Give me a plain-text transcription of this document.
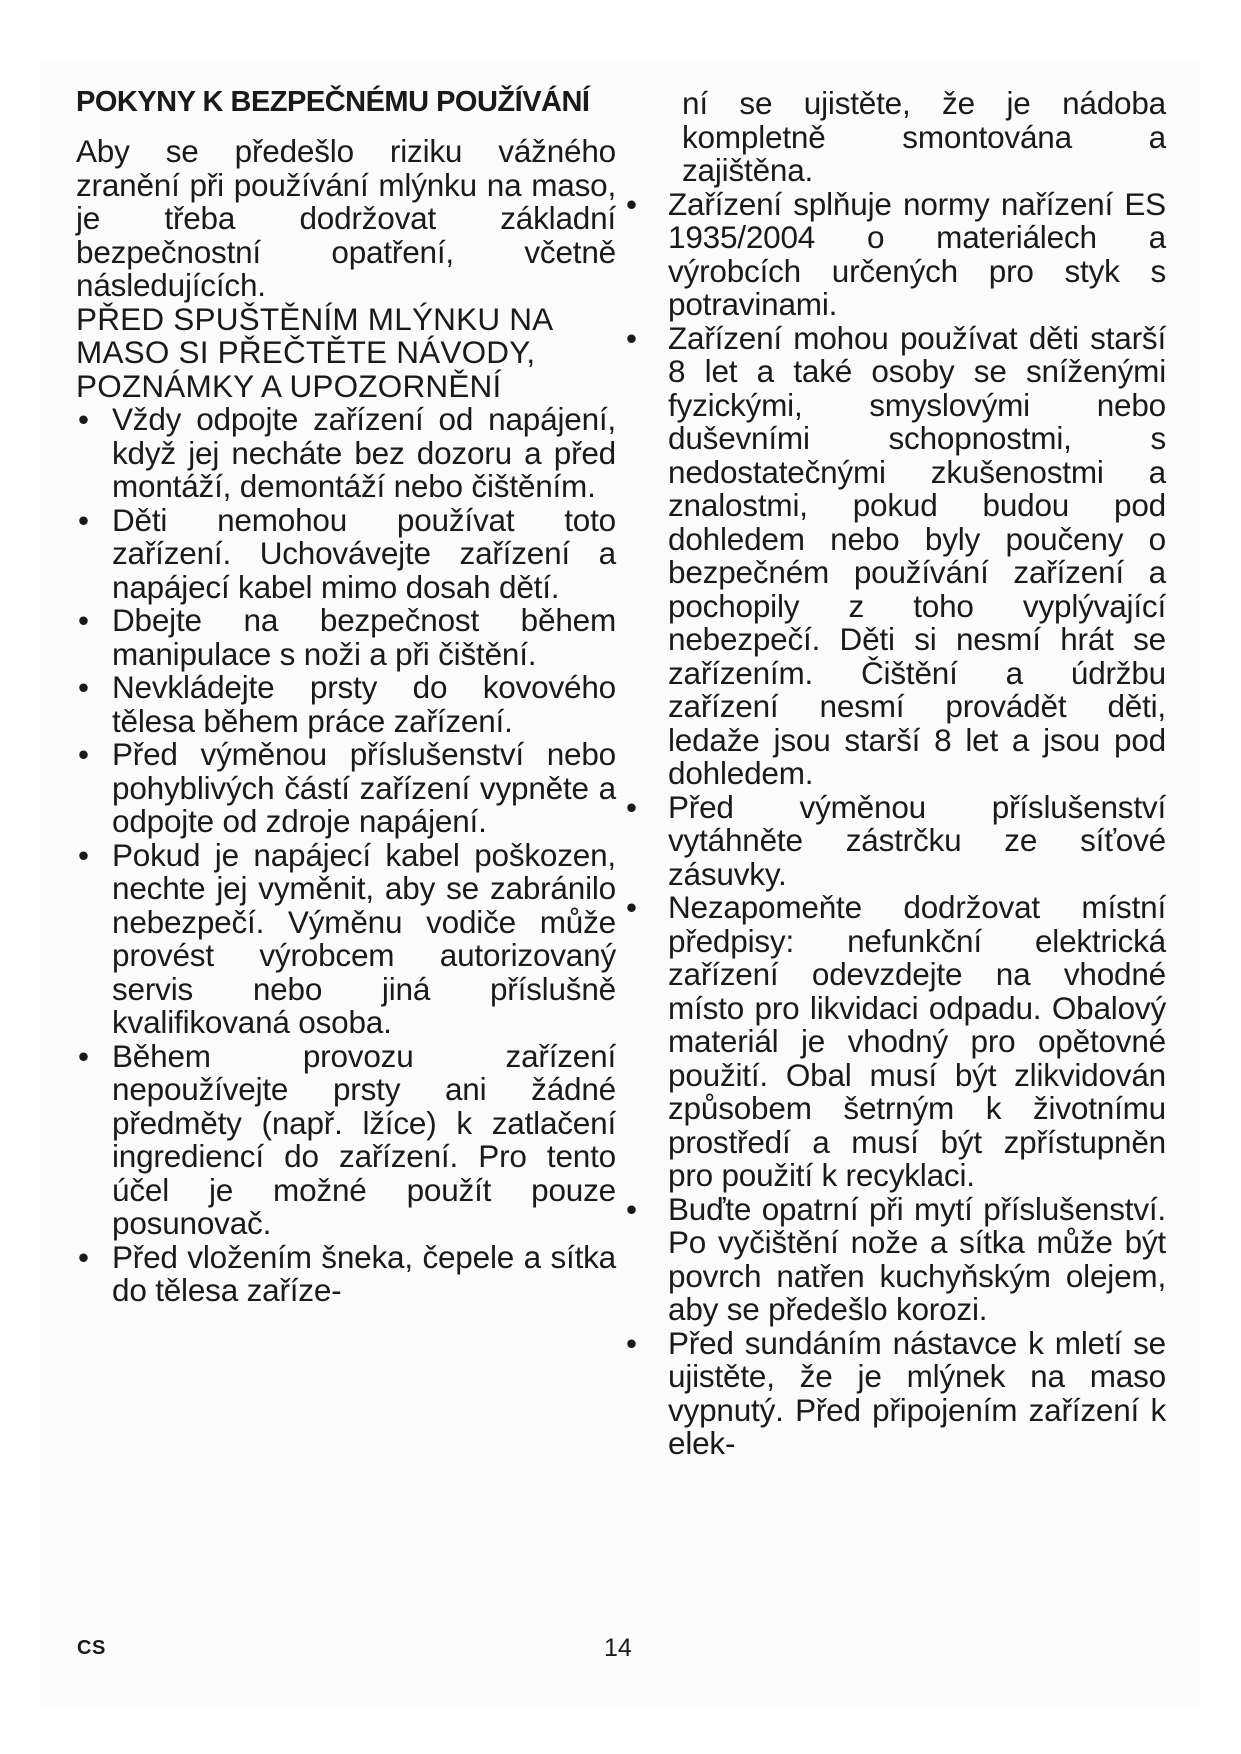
POKYNY K BEZPEČNÉMU POUŽÍVÁNÍ

Aby se předešlo riziku vážného zranění při používání mlýnku na maso, je třeba dodržovat základní bezpečnostní opatření, včetně následujících.

PŘED SPUŠTĚNÍM MLÝNKU NA MASO SI PŘEČTĚTE NÁVODY, POZNÁMKY A UPOZORNĚNÍ

• Vždy odpojte zařízení od napájení, když jej necháte bez dozoru a před montáží, demontáží nebo čištěním.
• Děti nemohou používat toto zařízení. Uchovávejte zařízení a napájecí kabel mimo dosah dětí.
• Dbejte na bezpečnost během manipulace s noži a při čištění.
• Nevkládejte prsty do kovového tělesa během práce zařízení.
• Před výměnou příslušenství nebo pohyblivých částí zařízení vypněte a odpojte od zdroje napájení.
• Pokud je napájecí kabel poškozen, nechte jej vyměnit, aby se zabránilo nebezpečí. Výměnu vodiče může provést výrobcem autorizovaný servis nebo jiná příslušně kvalifikovaná osoba.
• Během provozu zařízení nepoužívejte prsty ani žádné předměty (např. lžíce) k zatlačení ingrediencí do zařízení. Pro tento účel je možné použít pouze posunovač.
• Před vložením šneka, čepele a sítka do tělesa zaříze-

ní se ujistěte, že je nádoba kompletně smontována a zajištěna.

• Zařízení splňuje normy nařízení ES 1935/2004 o materiálech a výrobcích určených pro styk s potravinami.
• Zařízení mohou používat děti starší 8 let a také osoby se sníženými fyzickými, smyslovými nebo duševními schopnostmi, s nedostatečnými zkušenostmi a znalostmi, pokud budou pod dohledem nebo byly poučeny o bezpečném používání zařízení a pochopily z toho vyplývající nebezpečí. Děti si nesmí hrát se zařízením. Čištění a údržbu zařízení nesmí provádět děti, ledaže jsou starší 8 let a jsou pod dohledem.
• Před výměnou příslušenství vytáhněte zástrčku ze síťové zásuvky.
• Nezapomeňte dodržovat místní předpisy: nefunkční elektrická zařízení odevzdejte na vhodné místo pro likvidaci odpadu. Obalový materiál je vhodný pro opětovné použití. Obal musí být zlikvidován způsobem šetrným k životnímu prostředí a musí být zpřístupněn pro použití k recyklaci.
• Buďte opatrní při mytí příslušenství. Po vyčištění nože a sítka může být povrch natřen kuchyňským olejem, aby se předešlo korozi.
• Před sundáním nástavce k mletí se ujistěte, že je mlýnek na maso vypnutý. Před připojením zařízení k elek-
CS	14
